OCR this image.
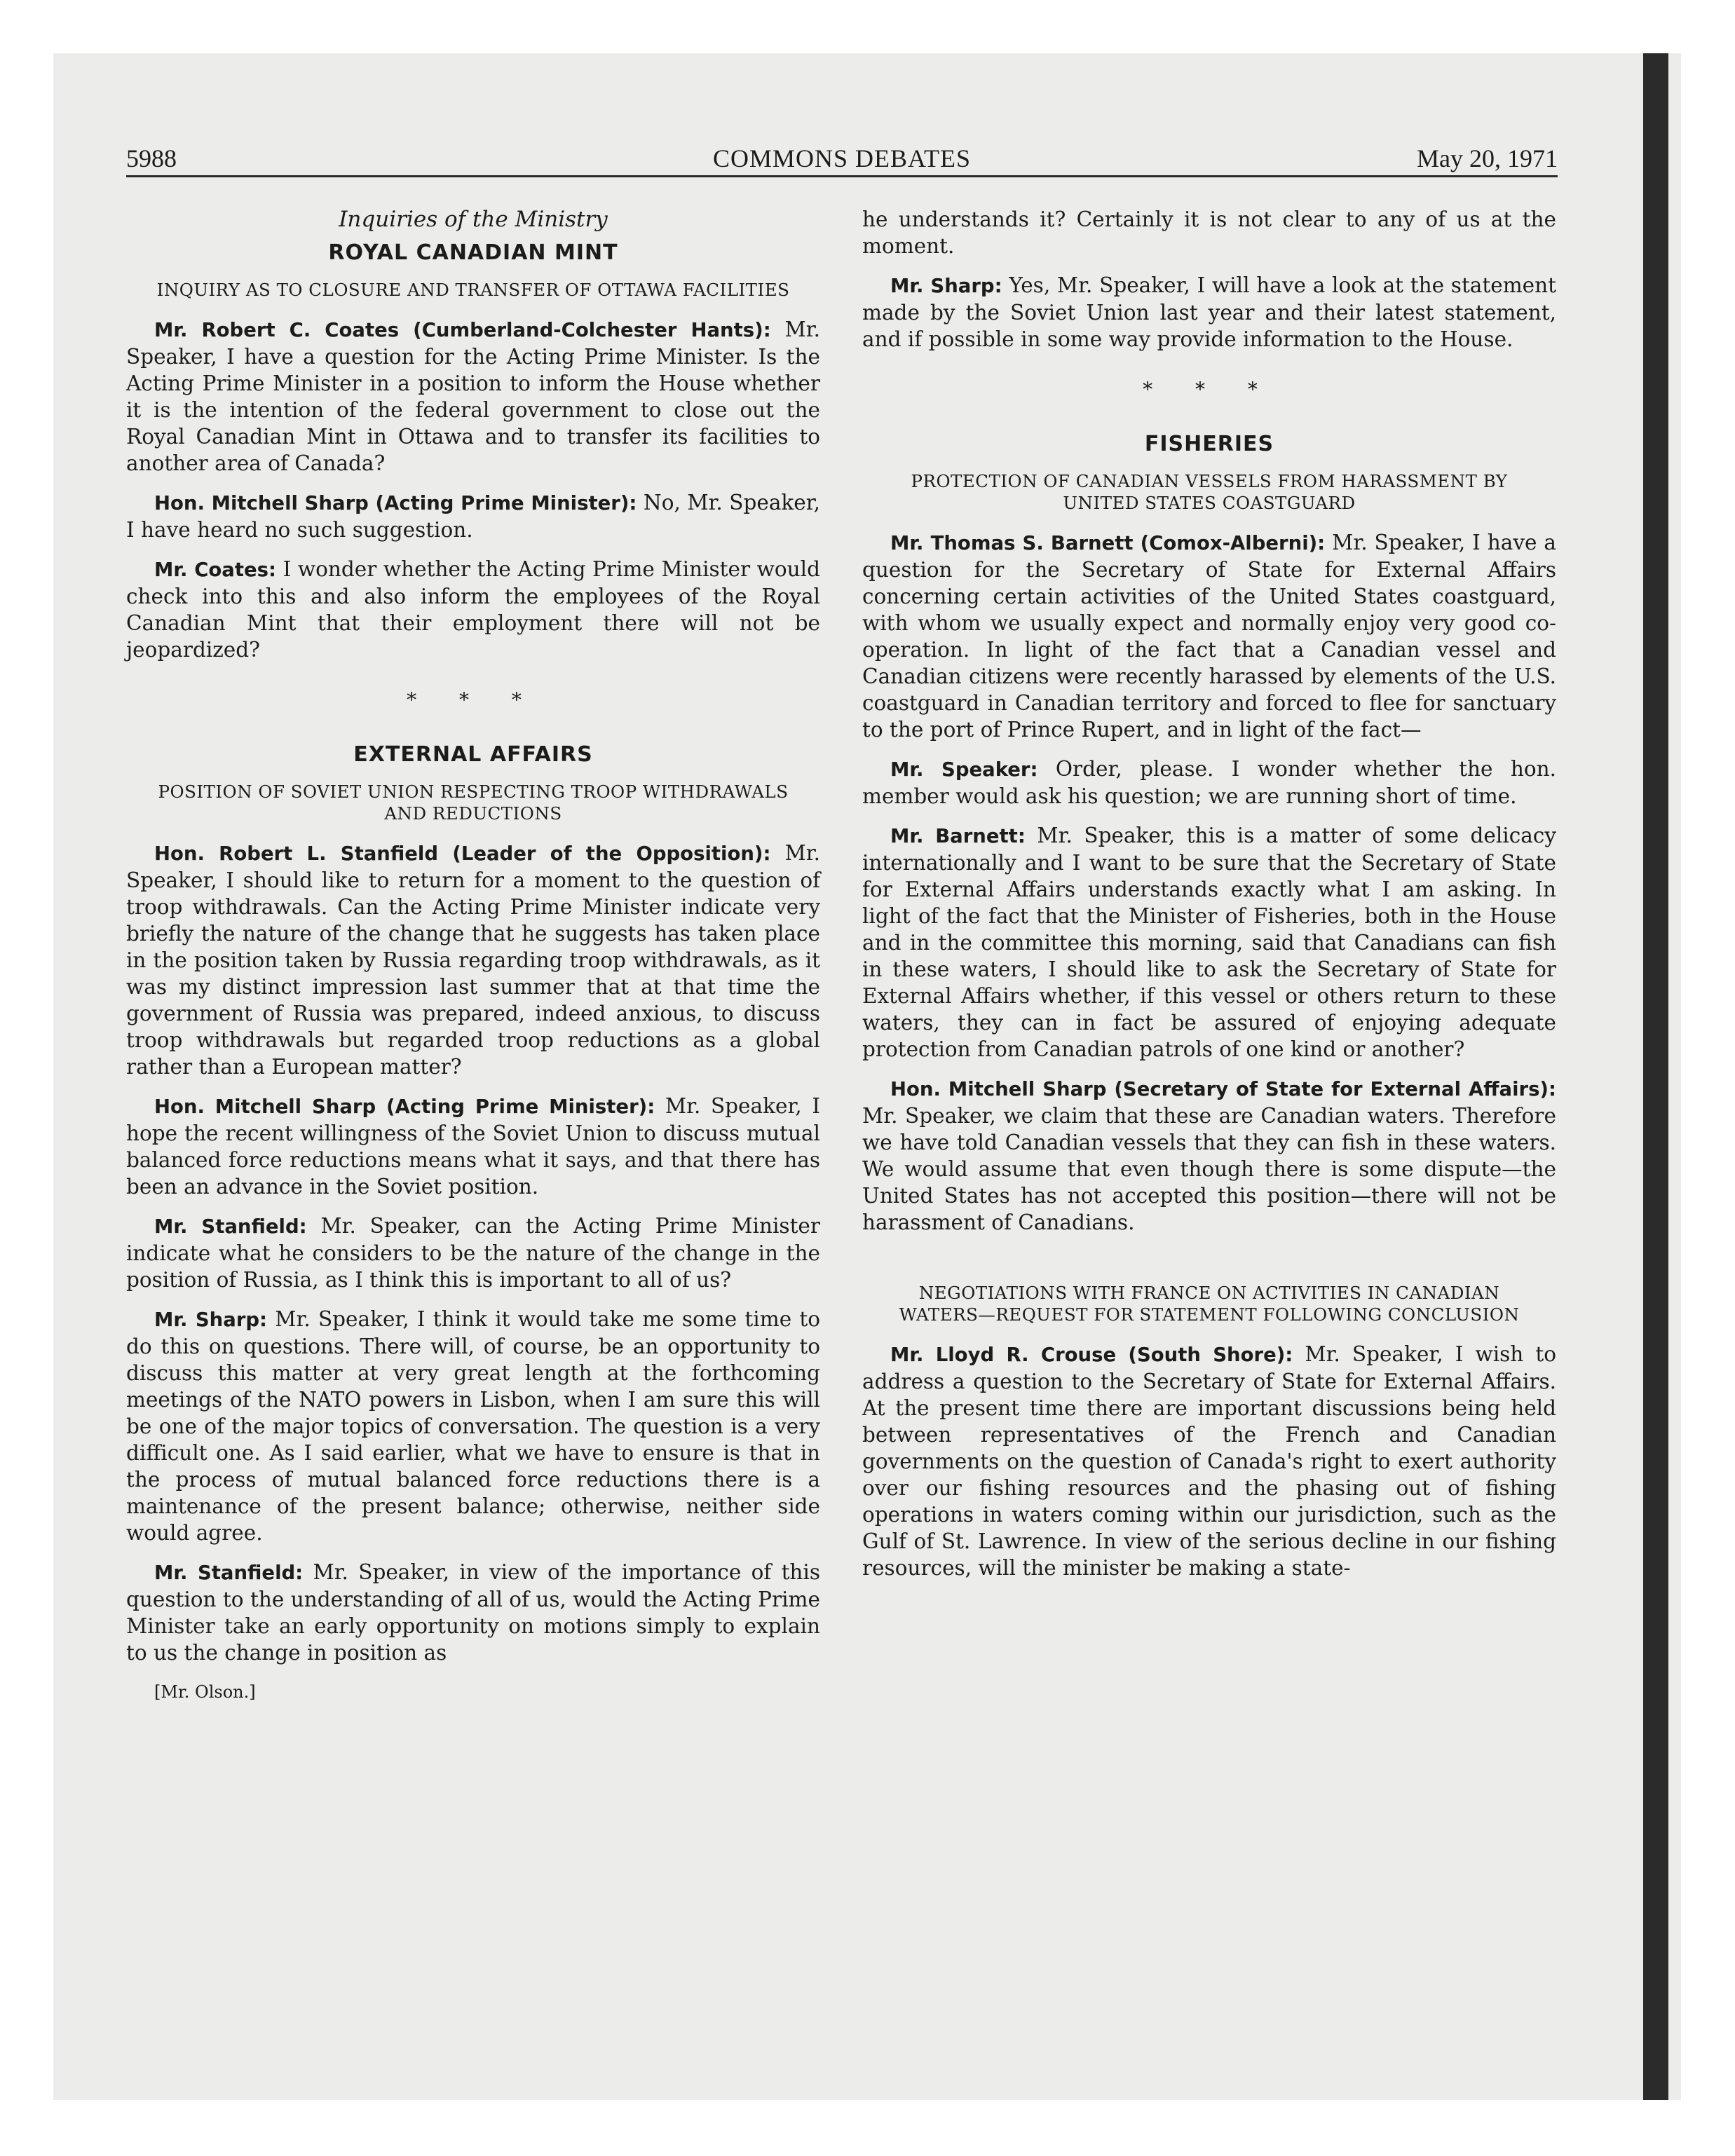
5988	COMMONS DEBATES	May 20, 1971
Inquiries of the Ministry
ROYAL CANADIAN MINT
INQUIRY AS TO CLOSURE AND TRANSFER OF OTTAWA FACILITIES

Mr. Robert C. Coates (Cumberland-Colchester Hants): Mr. Speaker, I have a question for the Acting Prime Minister. Is the Acting Prime Minister in a position to inform the House whether it is the intention of the federal government to close out the Royal Canadian Mint in Ottawa and to transfer its facilities to another area of Canada?

Hon. Mitchell Sharp (Acting Prime Minister): No, Mr. Speaker, I have heard no such suggestion.

Mr. Coates: I wonder whether the Acting Prime Minister would check into this and also inform the employees of the Royal Canadian Mint that their employment there will not be jeopardized?

* * *
EXTERNAL AFFAIRS
POSITION OF SOVIET UNION RESPECTING TROOP WITHDRAWALS AND REDUCTIONS

Hon. Robert L. Stanfield (Leader of the Opposition): Mr. Speaker, I should like to return for a moment to the question of troop withdrawals. Can the Acting Prime Minister indicate very briefly the nature of the change that he suggests has taken place in the position taken by Russia regarding troop withdrawals, as it was my distinct impression last summer that at that time the government of Russia was prepared, indeed anxious, to discuss troop withdrawals but regarded troop reductions as a global rather than a European matter?

Hon. Mitchell Sharp (Acting Prime Minister): Mr. Speaker, I hope the recent willingness of the Soviet Union to discuss mutual balanced force reductions means what it says, and that there has been an advance in the Soviet position.

Mr. Stanfield: Mr. Speaker, can the Acting Prime Minister indicate what he considers to be the nature of the change in the position of Russia, as I think this is important to all of us?

Mr. Sharp: Mr. Speaker, I think it would take me some time to do this on questions. There will, of course, be an opportunity to discuss this matter at very great length at the forthcoming meetings of the NATO powers in Lisbon, when I am sure this will be one of the major topics of conversation. The question is a very difficult one. As I said earlier, what we have to ensure is that in the process of mutual balanced force reductions there is a maintenance of the present balance; otherwise, neither side would agree.

Mr. Stanfield: Mr. Speaker, in view of the importance of this question to the understanding of all of us, would the Acting Prime Minister take an early opportunity on motions simply to explain to us the change in position as

[Mr. Olson.]

he understands it? Certainly it is not clear to any of us at the moment.

Mr. Sharp: Yes, Mr. Speaker, I will have a look at the statement made by the Soviet Union last year and their latest statement, and if possible in some way provide information to the House.

* * *
FISHERIES
PROTECTION OF CANADIAN VESSELS FROM HARASSMENT BY UNITED STATES COASTGUARD

Mr. Thomas S. Barnett (Comox-Alberni): Mr. Speaker, I have a question for the Secretary of State for External Affairs concerning certain activities of the United States coastguard, with whom we usually expect and normally enjoy very good co-operation. In light of the fact that a Canadian vessel and Canadian citizens were recently harassed by elements of the U.S. coastguard in Canadian territory and forced to flee for sanctuary to the port of Prince Rupert, and in light of the fact—

Mr. Speaker: Order, please. I wonder whether the hon. member would ask his question; we are running short of time.

Mr. Barnett: Mr. Speaker, this is a matter of some delicacy internationally and I want to be sure that the Secretary of State for External Affairs understands exactly what I am asking. In light of the fact that the Minister of Fisheries, both in the House and in the committee this morning, said that Canadians can fish in these waters, I should like to ask the Secretary of State for External Affairs whether, if this vessel or others return to these waters, they can in fact be assured of enjoying adequate protection from Canadian patrols of one kind or another?

Hon. Mitchell Sharp (Secretary of State for External Affairs): Mr. Speaker, we claim that these are Canadian waters. Therefore we have told Canadian vessels that they can fish in these waters. We would assume that even though there is some dispute—the United States has not accepted this position—there will not be harassment of Canadians.

NEGOTIATIONS WITH FRANCE ON ACTIVITIES IN CANADIAN WATERS—REQUEST FOR STATEMENT FOLLOWING CONCLUSION

Mr. Lloyd R. Crouse (South Shore): Mr. Speaker, I wish to address a question to the Secretary of State for External Affairs. At the present time there are important discussions being held between representatives of the French and Canadian governments on the question of Canada's right to exert authority over our fishing resources and the phasing out of fishing operations in waters coming within our jurisdiction, such as the Gulf of St. Lawrence. In view of the serious decline in our fishing resources, will the minister be making a state-
